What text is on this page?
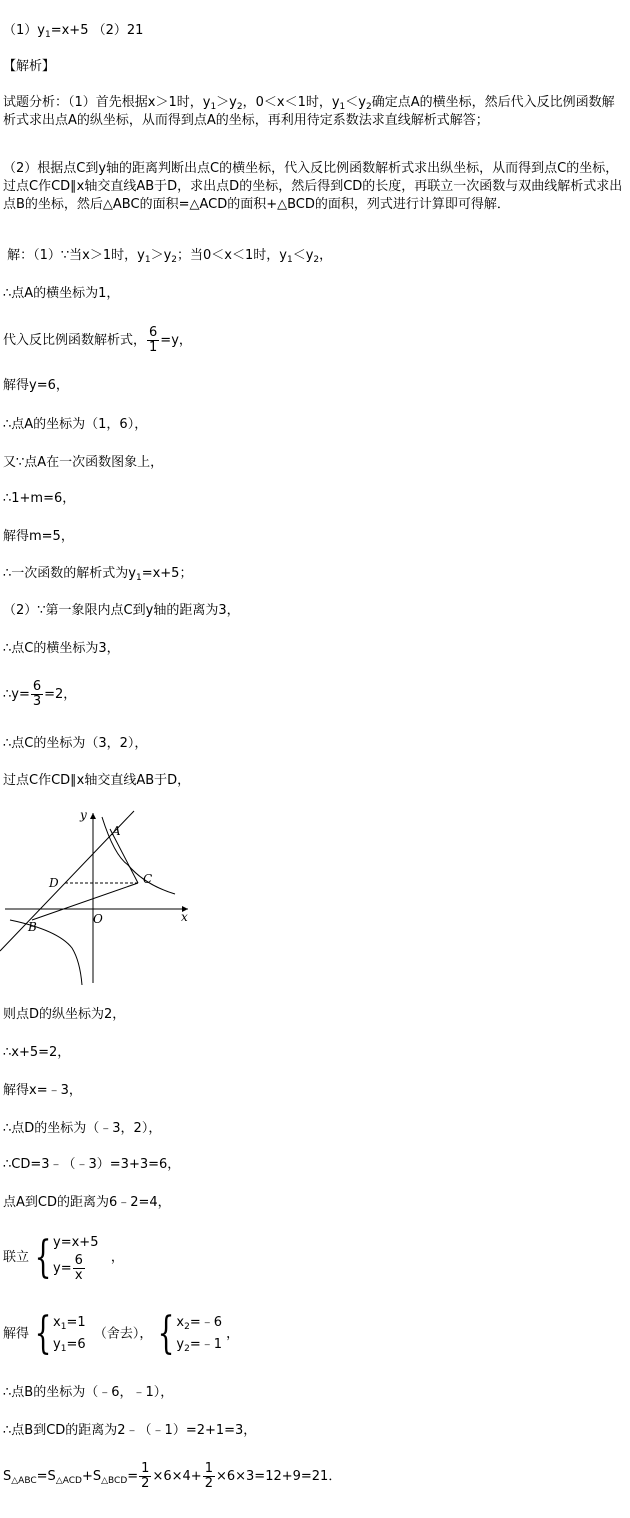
$(1)y_1=x+5$ （2）21
【解析】
试题分析：（1）首先根据x＞1时，$y_1>y_2$，0＜x＜1时，$y_1<y_2$确定点A的横坐标，然后代入反比例函数解析式求出点A的纵坐标，从而得到点A的坐标，再利用待定系数法求直线解析式解答；
（2）根据点C到y轴的距离判断出点C的横坐标，代入反比例函数解析式求出纵坐标，从而得到点C的坐标，过点C作CD∥x轴交直线AB于D，求出点D的坐标，然后得到CD的长度，再联立一次函数与双曲线解析式求出点B的坐标，然后△ABC的面积=△ACD的面积+△BCD的面积，列式进行计算即可得解．
解：（1）∵当x＞1时，$y_1>y_2$；当0＜x＜1时，$y_1<y_2$，
∴点A的横坐标为1，
代入反比例函数解析式， $\frac{6}{1} =y$，
解得y=6，
∴点A的坐标为（1，6），
又∵点A在一次函数图象上，
∴1+m=6，
解得m=5，
∴一次函数的解析式为$y_1=x+5$；
（2）∵第一象限内点C到y轴的距离为3，
∴点C的横坐标为3，
∴y= $\frac{6}{3} =2$，
∴点C的坐标为（3，2），
过点C作CD∥x轴交直线AB于D，
y
A
D	C
O	x
B
则点D的纵坐标为2，
∴x+5=2，
解得x=﹣3，
∴点D的坐标为（﹣3，2），
∴CD=3﹣（﹣3）=3+3=6，
点A到CD的距离为6﹣2=4，
联立 { y=x+5
$y= \frac{6}{x}$ ，
解得 { $x_1=1$
$y_1=6$
（舍去）， { $x_2=﹣6$
$y_2=﹣1$
，
∴点B的坐标为（﹣6，﹣1），
∴点B到CD的距离为2﹣（﹣1）=2+1=3，
$S_{\triangle ABC}=S_{\triangle ACD}+S_{\triangle BCD}= \frac{1}{2} \times 6\times 4+ \frac{1}{2} \times 6\times 3=12+9=21$．
